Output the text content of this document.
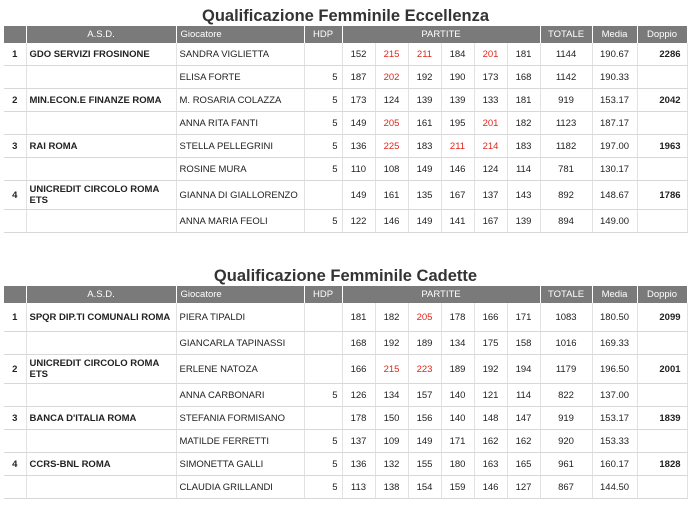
Qualificazione Femminile Eccellenza
	A.S.D.	Giocatore	HDP	PARTITE						TOTALE	Media	Doppio
1	GDO SERVIZI FROSINONE	SANDRA VIGLIETTA		152	215	211	184	201	181	1144	190.67	2286
		ELISA FORTE	5	187	202	192	190	173	168	1142	190.33	
2	MIN.ECON.E FINANZE ROMA	M. ROSARIA COLAZZA	5	173	124	139	139	133	181	919	153.17	2042
		ANNA RITA FANTI	5	149	205	161	195	201	182	1123	187.17	
3	RAI ROMA	STELLA PELLEGRINI	5	136	225	183	211	214	183	1182	197.00	1963
		ROSINE MURA	5	110	108	149	146	124	114	781	130.17	
4	UNICREDIT CIRCOLO ROMA ETS	GIANNA DI GIALLORENZO		149	161	135	167	137	143	892	148.67	1786
		ANNA MARIA FEOLI	5	122	146	149	141	167	139	894	149.00	
Qualificazione Femminile Cadette
	A.S.D.	Giocatore	HDP	PARTITE						TOTALE	Media	Doppio
1	SPQR DIP.TI COMUNALI ROMA	PIERA TIPALDI		181	182	205	178	166	171	1083	180.50	2099
		GIANCARLA TAPINASSI		168	192	189	134	175	158	1016	169.33	
2	UNICREDIT CIRCOLO ROMA ETS	ERLENE NATOZA		166	215	223	189	192	194	1179	196.50	2001
		ANNA CARBONARI	5	126	134	157	140	121	114	822	137.00	
3	BANCA D'ITALIA ROMA	STEFANIA FORMISANO		178	150	156	140	148	147	919	153.17	1839
		MATILDE FERRETTI	5	137	109	149	171	162	162	920	153.33	
4	CCRS-BNL ROMA	SIMONETTA GALLI	5	136	132	155	180	163	165	961	160.17	1828
		CLAUDIA GRILLANDI	5	113	138	154	159	146	127	867	144.50	
